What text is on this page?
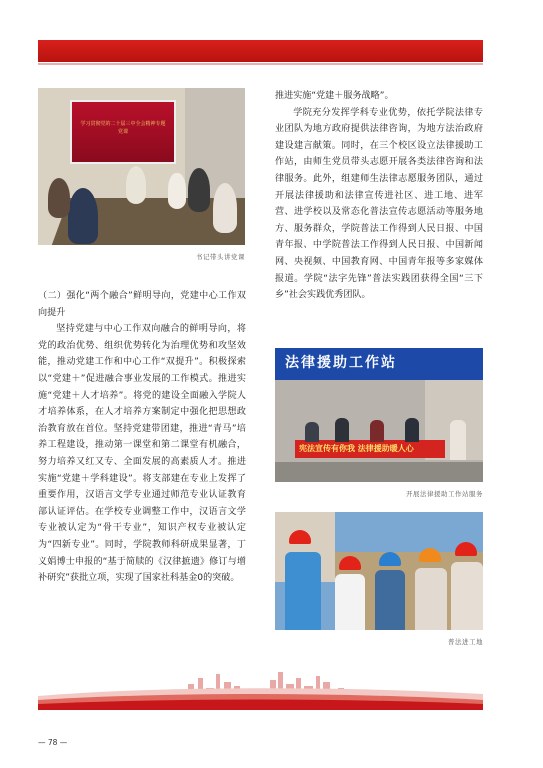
学习贯彻党的二十届三中全会精神专题党课
书记带头讲党课

（二）强化“两个融合”鲜明导向，党建中心工作双向提升

坚持党建与中心工作双向融合的鲜明导向，将党的政治优势、组织优势转化为治理优势和攻坚效能，推动党建工作和中心工作“双提升”。积极探索以“党建＋”促进融合事业发展的工作模式。推进实施“党建＋人才培养”。将党的建设全面融入学院人才培养体系，在人才培养方案制定中强化把思想政治教育放在首位。坚持党建带团建，推进“青马”培养工程建设，推动第一课堂和第二课堂有机融合，努力培养又红又专、全面发展的高素质人才。推进实施“党建＋学科建设”。将支部建在专业上发挥了重要作用，汉语言文学专业通过师范专业认证教育部认证评估。在学校专业调整工作中，汉语言文学专业被认定为“骨干专业”，知识产权专业被认定为“四新专业”。同时，学院教师科研成果显著，丁义娟博士申报的“基于简牍的《汉律摭遗》修订与增补研究”获批立项，实现了国家社科基金0的突破。

推进实施“党建＋服务战略”。

学院充分发挥学科专业优势，依托学院法律专业团队为地方政府提供法律咨询，为地方法治政府建设建言献策。同时，在三个校区设立法律援助工作站，由师生党员带头志愿开展各类法律咨询和法律服务。此外，组建师生法律志愿服务团队，通过开展法律援助和法律宣传进社区、进工地、进军营、进学校以及常态化普法宣传志愿活动等服务地方、服务群众，学院普法工作得到人民日报、中国青年报、中学院普法工作得到人民日报、中国新闻网、央视频、中国教育网、中国青年报等多家媒体报道。学院“法字先锋”普法实践团获得全国“三下乡”社会实践优秀团队。

法律援助工作站
宪法宣传有你我 法律援助暖人心
开展法律援助工作站服务
普法进工地
— 78 —
